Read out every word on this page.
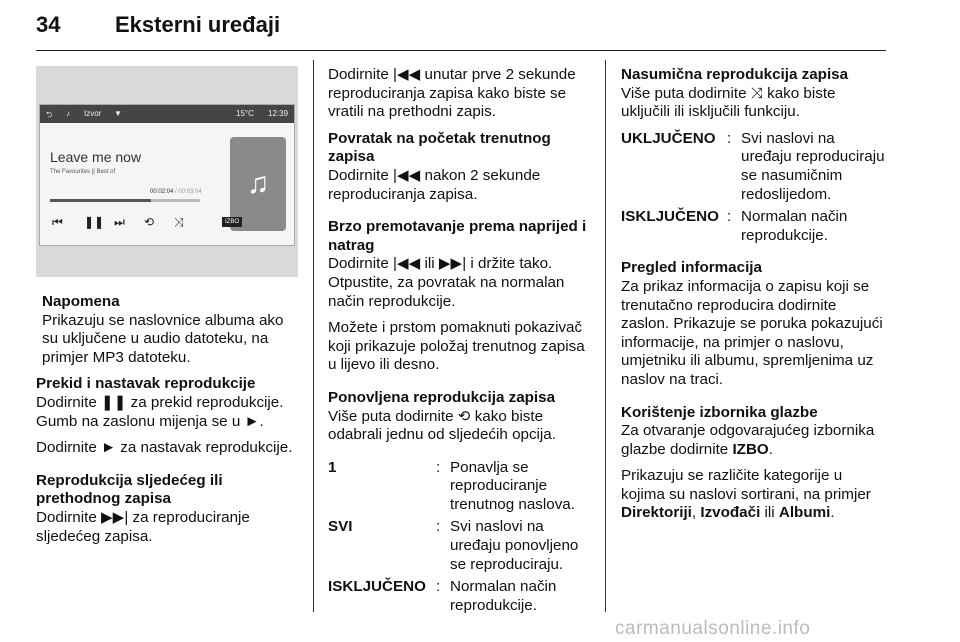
34 Eksterni uređaji
⮌ ♪ Izvor ▼	15°C 12:39
Leave me now
The Favourites || Best of
00:02:04 / 00:03:04	♫
⏮ ❚❚ ⏭ ⟲ ⤨	IZBO
Napomena
Prikazuju se naslovnice albuma ako su uključene u audio datoteku, na primjer MP3 datoteku.
Prekid i nastavak reprodukcije

Dodirnite ❚❚ za prekid reprodukcije. Gumb na zaslonu mijenja se u ►.

Dodirnite ► za nastavak reprodukcije.

Reprodukcija sljedećeg ili prethodnog zapisa

Dodirnite ▶▶| za reproduciranje sljedećeg zapisa.

Dodirnite |◀◀ unutar prve 2 sekunde reproduciranja zapisa kako biste se vratili na prethodni zapis.

Povratak na početak trenutnog zapisa

Dodirnite |◀◀ nakon 2 sekunde reproduciranja zapisa.

Brzo premotavanje prema naprijed i natrag

Dodirnite |◀◀ ili ▶▶| i držite tako. Otpustite, za povratak na normalan način reprodukcije.

Možete i prstom pomaknuti pokazivač koji prikazuje položaj trenutnog zapisa u lijevo ili desno.

Ponovljena reprodukcija zapisa

Više puta dodirnite ⟲ kako biste odabrali jednu od sljedećih opcija.

1	: Ponavlja se reproduciranje trenutnog naslova.
SVI	: Svi naslovi na uređaju ponovljeno se reproduciraju.
ISKLJUČENO : Normalan način reprodukcije.
Nasumična reprodukcija zapisa

Više puta dodirnite ⤨ kako biste uključili ili isključili funkciju.

UKLJUČENO : Svi naslovi na uređaju reproduciraju se nasumičnim redoslijedom.
ISKLJUČENO : Normalan način reprodukcije.
Pregled informacija

Za prikaz informacija o zapisu koji se trenutačno reproducira dodirnite zaslon. Prikazuje se poruka pokazujući informacije, na primjer o naslovu, umjetniku ili albumu, spremljenima uz naslov na traci.

Korištenje izbornika glazbe

Za otvaranje odgovarajućeg izbornika glazbe dodirnite IZBO.

Prikazuju se različite kategorije u kojima su naslovi sortirani, na primjer Direktoriji, Izvođači ili Albumi.

carmanualsonline.info
